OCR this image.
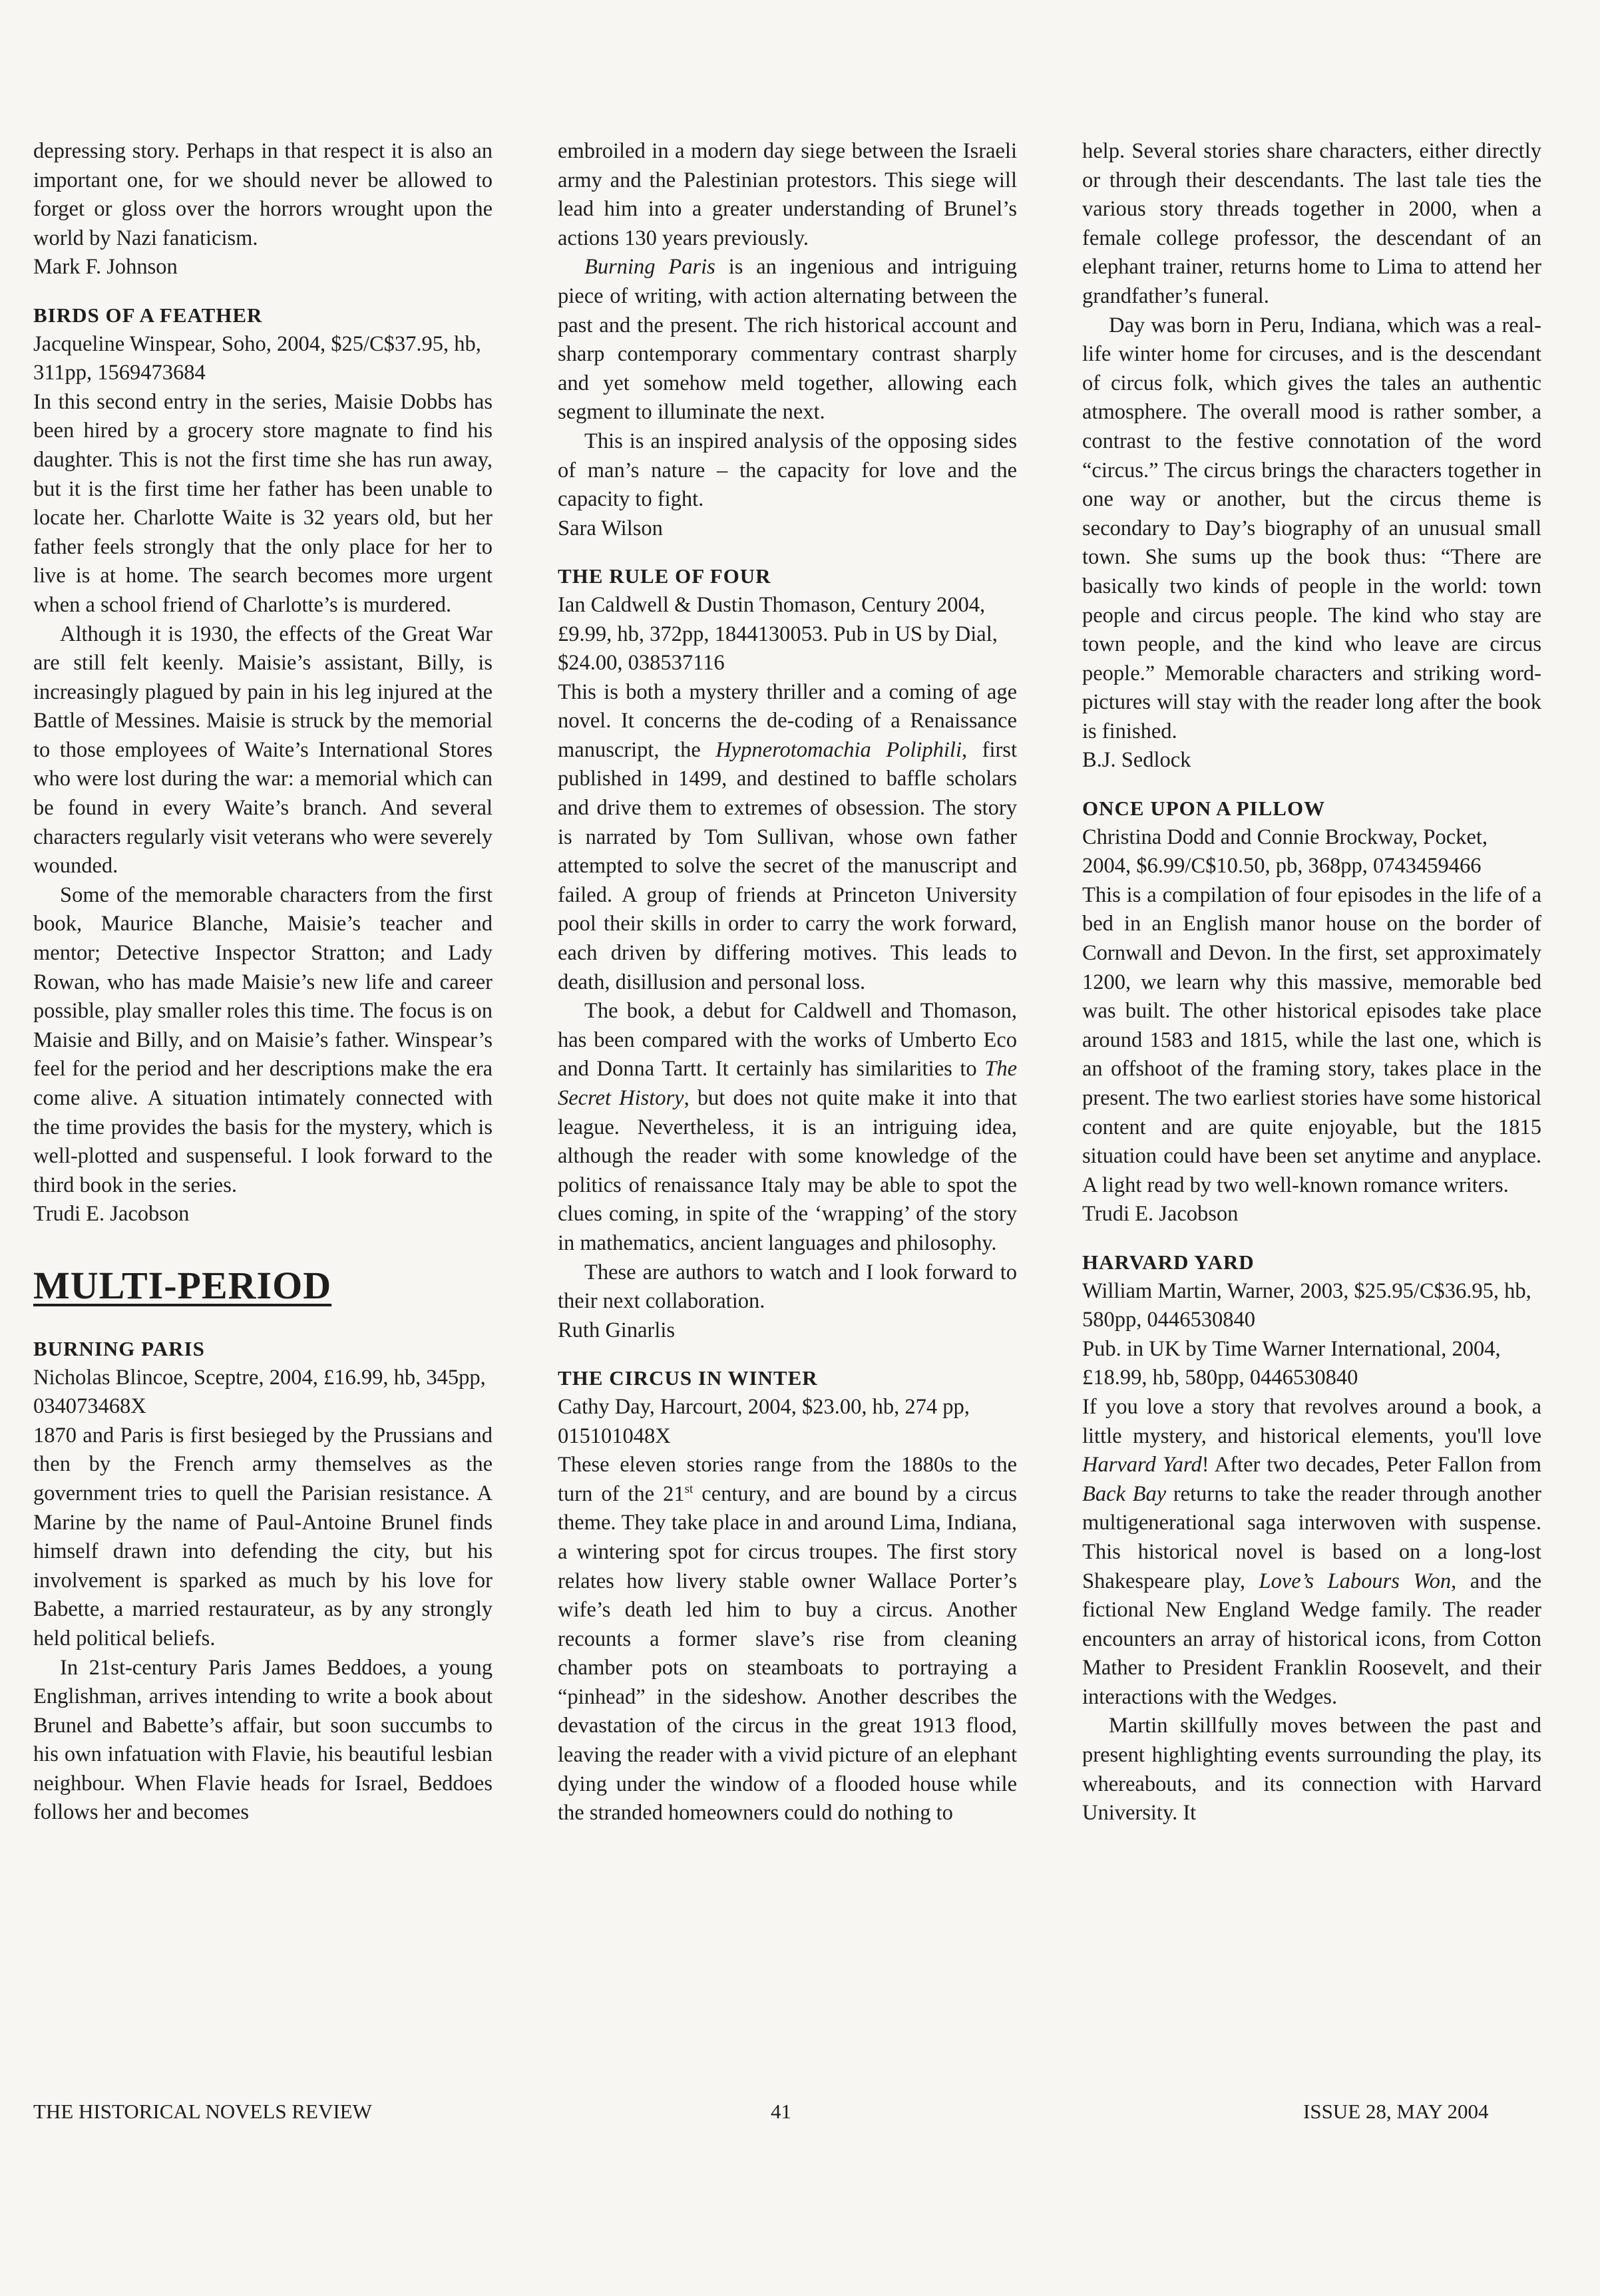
depressing story. Perhaps in that respect it is also an important one, for we should never be allowed to forget or gloss over the horrors wrought upon the world by Nazi fanaticism.

Mark F. Johnson
BIRDS OF A FEATHER
Jacqueline Winspear, Soho, 2004, $25/C$37.95, hb, 311pp, 1569473684

In this second entry in the series, Maisie Dobbs has been hired by a grocery store magnate to find his daughter. This is not the first time she has run away, but it is the first time her father has been unable to locate her. Charlotte Waite is 32 years old, but her father feels strongly that the only place for her to live is at home. The search becomes more urgent when a school friend of Charlotte’s is murdered.

Although it is 1930, the effects of the Great War are still felt keenly. Maisie’s assistant, Billy, is increasingly plagued by pain in his leg injured at the Battle of Messines. Maisie is struck by the memorial to those employees of Waite’s International Stores who were lost during the war: a memorial which can be found in every Waite’s branch. And several characters regularly visit veterans who were severely wounded.

Some of the memorable characters from the first book, Maurice Blanche, Maisie’s teacher and mentor; Detective Inspector Stratton; and Lady Rowan, who has made Maisie’s new life and career possible, play smaller roles this time. The focus is on Maisie and Billy, and on Maisie’s father. Winspear’s feel for the period and her descriptions make the era come alive. A situation intimately connected with the time provides the basis for the mystery, which is well-plotted and suspenseful. I look forward to the third book in the series.

Trudi E. Jacobson
MULTI-PERIOD
BURNING PARIS
Nicholas Blincoe, Sceptre, 2004, £16.99, hb, 345pp, 034073468X

1870 and Paris is first besieged by the Prussians and then by the French army themselves as the government tries to quell the Parisian resistance. A Marine by the name of Paul-Antoine Brunel finds himself drawn into defending the city, but his involvement is sparked as much by his love for Babette, a married restaurateur, as by any strongly held political beliefs.

In 21st-century Paris James Beddoes, a young Englishman, arrives intending to write a book about Brunel and Babette’s affair, but soon succumbs to his own infatuation with Flavie, his beautiful lesbian neighbour. When Flavie heads for Israel, Beddoes follows her and becomes

embroiled in a modern day siege between the Israeli army and the Palestinian protestors. This siege will lead him into a greater understanding of Brunel’s actions 130 years previously.

Burning Paris is an ingenious and intriguing piece of writing, with action alternating between the past and the present. The rich historical account and sharp contemporary commentary contrast sharply and yet somehow meld together, allowing each segment to illuminate the next.

This is an inspired analysis of the opposing sides of man’s nature – the capacity for love and the capacity to fight.

Sara Wilson
THE RULE OF FOUR
Ian Caldwell & Dustin Thomason, Century 2004, £9.99, hb, 372pp, 1844130053. Pub in US by Dial, $24.00, 038537116

This is both a mystery thriller and a coming of age novel. It concerns the de-coding of a Renaissance manuscript, the Hypnerotomachia Poliphili, first published in 1499, and destined to baffle scholars and drive them to extremes of obsession. The story is narrated by Tom Sullivan, whose own father attempted to solve the secret of the manuscript and failed. A group of friends at Princeton University pool their skills in order to carry the work forward, each driven by differing motives. This leads to death, disillusion and personal loss.

The book, a debut for Caldwell and Thomason, has been compared with the works of Umberto Eco and Donna Tartt. It certainly has similarities to The Secret History, but does not quite make it into that league. Nevertheless, it is an intriguing idea, although the reader with some knowledge of the politics of renaissance Italy may be able to spot the clues coming, in spite of the ‘wrapping’ of the story in mathematics, ancient languages and philosophy.

These are authors to watch and I look forward to their next collaboration.

Ruth Ginarlis
THE CIRCUS IN WINTER
Cathy Day, Harcourt, 2004, $23.00, hb, 274 pp, 015101048X

These eleven stories range from the 1880s to the turn of the 21st century, and are bound by a circus theme. They take place in and around Lima, Indiana, a wintering spot for circus troupes. The first story relates how livery stable owner Wallace Porter’s wife’s death led him to buy a circus. Another recounts a former slave’s rise from cleaning chamber pots on steamboats to portraying a “pinhead” in the sideshow. Another describes the devastation of the circus in the great 1913 flood, leaving the reader with a vivid picture of an elephant dying under the window of a flooded house while the stranded homeowners could do nothing to

help. Several stories share characters, either directly or through their descendants. The last tale ties the various story threads together in 2000, when a female college professor, the descendant of an elephant trainer, returns home to Lima to attend her grandfather’s funeral.

Day was born in Peru, Indiana, which was a real-life winter home for circuses, and is the descendant of circus folk, which gives the tales an authentic atmosphere. The overall mood is rather somber, a contrast to the festive connotation of the word “circus.” The circus brings the characters together in one way or another, but the circus theme is secondary to Day’s biography of an unusual small town. She sums up the book thus: “There are basically two kinds of people in the world: town people and circus people. The kind who stay are town people, and the kind who leave are circus people.” Memorable characters and striking word-pictures will stay with the reader long after the book is finished.

B.J. Sedlock
ONCE UPON A PILLOW
Christina Dodd and Connie Brockway, Pocket, 2004, $6.99/C$10.50, pb, 368pp, 0743459466

This is a compilation of four episodes in the life of a bed in an English manor house on the border of Cornwall and Devon. In the first, set approximately 1200, we learn why this massive, memorable bed was built. The other historical episodes take place around 1583 and 1815, while the last one, which is an offshoot of the framing story, takes place in the present. The two earliest stories have some historical content and are quite enjoyable, but the 1815 situation could have been set anytime and anyplace. A light read by two well-known romance writers.

Trudi E. Jacobson
HARVARD YARD
William Martin, Warner, 2003, $25.95/C$36.95, hb, 580pp, 0446530840
Pub. in UK by Time Warner International, 2004, £18.99, hb, 580pp, 0446530840

If you love a story that revolves around a book, a little mystery, and historical elements, you'll love Harvard Yard! After two decades, Peter Fallon from Back Bay returns to take the reader through another multigenerational saga interwoven with suspense. This historical novel is based on a long-lost Shakespeare play, Love’s Labours Won, and the fictional New England Wedge family. The reader encounters an array of historical icons, from Cotton Mather to President Franklin Roosevelt, and their interactions with the Wedges.

Martin skillfully moves between the past and present highlighting events surrounding the play, its whereabouts, and its connection with Harvard University. It

THE HISTORICAL NOVELS REVIEW	41	ISSUE 28, MAY 2004
